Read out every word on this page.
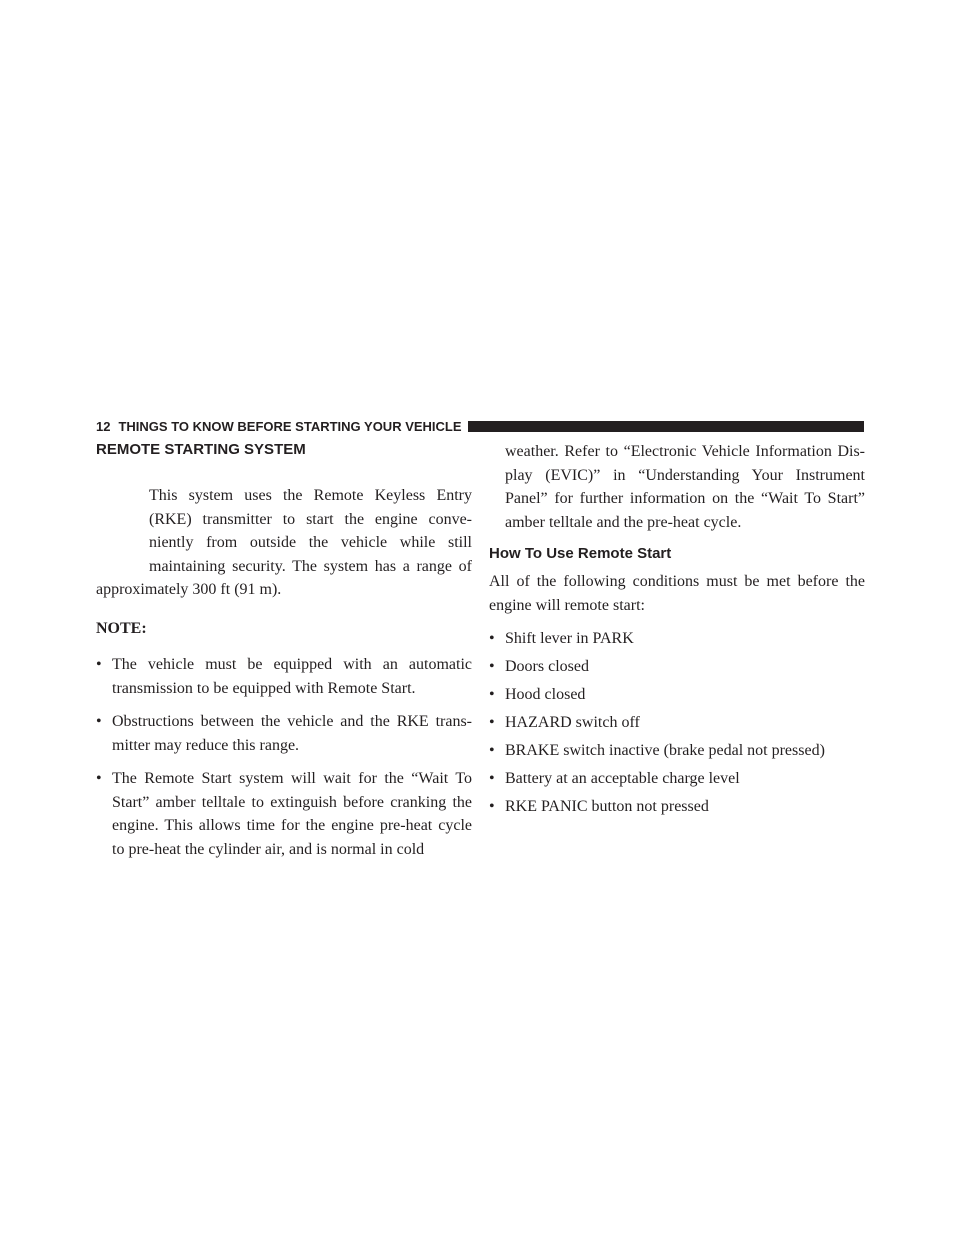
12 THINGS TO KNOW BEFORE STARTING YOUR VEHICLE
REMOTE STARTING SYSTEM

This system uses the Remote Keyless Entry (RKE) transmitter to start the engine conve- niently from outside the vehicle while still maintaining security. The system has a range of approximately 300 ft (91 m).

NOTE:

• The vehicle must be equipped with an automatic transmission to be equipped with Remote Start.
• Obstructions between the vehicle and the RKE trans- mitter may reduce this range.
• The Remote Start system will wait for the “Wait To Start” amber telltale to extinguish before cranking the engine. This allows time for the engine pre-heat cycle to pre-heat the cylinder air, and is normal in cold

weather. Refer to “Electronic Vehicle Information Dis- play (EVIC)” in “Understanding Your Instrument Panel” for further information on the “Wait To Start” amber telltale and the pre-heat cycle.

How To Use Remote Start

All of the following conditions must be met before the engine will remote start:

• Shift lever in PARK
• Doors closed
• Hood closed
• HAZARD switch off
• BRAKE switch inactive (brake pedal not pressed)
• Battery at an acceptable charge level
• RKE PANIC button not pressed
